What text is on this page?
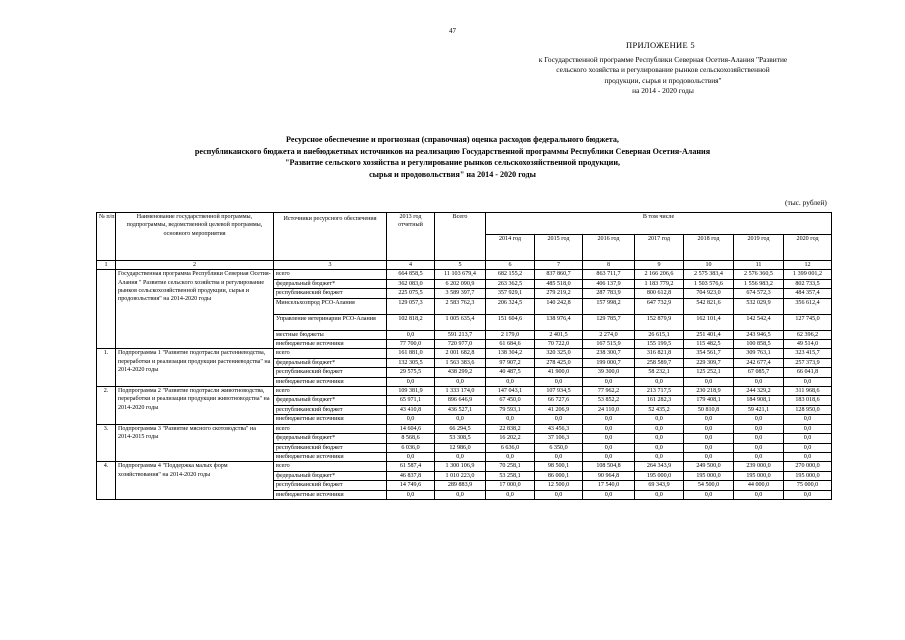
47
ПРИЛОЖЕНИЕ 5
к Государственной программе Республики Северная Осетия-Алания "Развитие
сельского хозяйства и регулирование рынков сельскохозяйственной
продукции, сырья и продовольствия"
на 2014 - 2020 годы
Ресурсное обеспечение и прогнозная (справочная) оценка расходов федерального бюджета,
республиканского бюджета и внебюджетных источников на реализацию Государственной программы Республики Северная Осетия-Алания
"Развитие сельского хозяйства и регулирование рынков сельскохозяйственной продукции,
сырья и продовольствия" на 2014 - 2020 годы
(тыс. рублей)
№ п/п	Наименование государственной программы, подпрограммы, ведомственной целевой программы, основного мероприятия	Источники ресурсного обеспечения	2013 год отчетный	Всего	В том числе						
					2014 год	2015 год	2016 год	2017 год	2018 год	2019 год	2020 год
1	2	3	4	5	6	7	8	9	10	11	12
	Государственная программа Республики Северная Осетия-Алания " Развитие сельского хозяйства и регулирование рынков сельскохозяйственной продукции, сырья и продовольствия" на 2014-2020 годы	всего	664 858,5	11 103 679,4	682 155,2	837 860,7	863 711,7	2 166 206,6	2 575 383,4	2 576 360,5	1 399 001,2
		федеральный бюджет*	362 083,0	6 202 090,9	263 362,5	485 518,0	406 137,9	1 183 779,2	1 503 576,6	1 556 983,2	802 733,5
		республиканский бюджет	225 075,5	3 589 397,7	357 929,1	279 219,2	287 783,9	800 612,8	704 923,0	674 572,3	484 357,4
		Минсельхозпрод РСО-Алания	129 057,3	2 583 762,3	206 324,5	140 242,8	157 998,2	647 732,9	542 821,6	532 029,9	356 612,4
		Управление ветеринарии РСО-Алания	102 818,2	1 005 635,4	151 604,6	138 976,4	129 785,7	152 879,9	162 101,4	142 542,4	127 745,0
		местные бюджеты	0,0	591 213,7	2 179,0	2 401,5	2 274,0	26 615,1	251 401,4	243 946,5	62 396,2
		внебюджетные источники	77 700,0	720 977,0	61 684,6	70 722,0	167 515,9	155 199,5	115 482,5	100 858,5	49 514,0
1.	Подпрограмма 1 "Развитие подотрасли растениеводства, переработки и реализации продукции растениеводства" на 2014-2020 годы	всего	161 881,0	2 001 682,8	138 304,2	320 325,0	238 300,7	316 821,8	354 561,7	309 763,1	323 415,7
		федеральный бюджет*	132 305,5	1 563 383,6	97 907,2	278 425,0	199 000,7	258 589,7	229 309,7	242 677,4	257 373,9
		республиканский бюджет	29 575,5	438 299,2	40 487,5	41 900,0	39 300,0	58 232,1	125 252,1	67 085,7	66 041,8
		внебюджетные источники	0,0	0,0	0,0	0,0	0,0	0,0	0,0	0,0	0,0
2.	Подпрограмма 2 "Развитие подотрасли животноводства, переработки и реализации продукции животноводства" на 2014-2020 годы	всего	109 381,9	1 333 174,0	147 043,1	107 934,5	77 962,2	213 717,5	230 218,9	244 329,2	311 968,6
		федеральный бюджет*	65 971,1	896 646,9	67 450,0	66 727,6	53 852,2	161 282,3	179 408,1	184 908,1	183 018,6
		республиканский бюджет	43 410,8	436 527,1	79 593,1	41 206,9	24 110,0	52 435,2	50 810,8	59 421,1	128 950,0
		внебюджетные источники	0,0	0,0	0,0	0,0	0,0	0,0	0,0	0,0	0,0
3.	Подпрограмма 3 "Развитие мясного скотоводства" на 2014-2015 годы	всего	14 604,6	66 294,5	22 838,2	43 456,3	0,0	0,0	0,0	0,0	0,0
		федеральный бюджет*	8 568,6	53 308,5	16 202,2	37 106,3	0,0	0,0	0,0	0,0	0,0
		республиканский бюджет	6 036,0	12 986,0	6 636,0	6 350,0	0,0	0,0	0,0	0,0	0,0
		внебюджетные источники	0,0	0,0	0,0	0,0	0,0	0,0	0,0	0,0	0,0
4.	Подпрограмма 4 "Поддержка малых форм хозяйствования" на 2014-2020 годы	всего	61 587,4	1 300 106,9	70 258,1	98 500,1	108 504,8	264 343,9	249 500,0	239 000,0	270 000,0
		федеральный бюджет*	46 837,8	1 010 223,0	53 258,1	86 000,1	90 964,8	195 000,0	195 000,0	195 000,0	195 000,0
		республиканский бюджет	14 749,6	289 883,9	17 000,0	12 500,0	17 540,0	69 343,9	54 500,0	44 000,0	75 000,0
		внебюджетные источники	0,0	0,0	0,0	0,0	0,0	0,0	0,0	0,0	0,0
